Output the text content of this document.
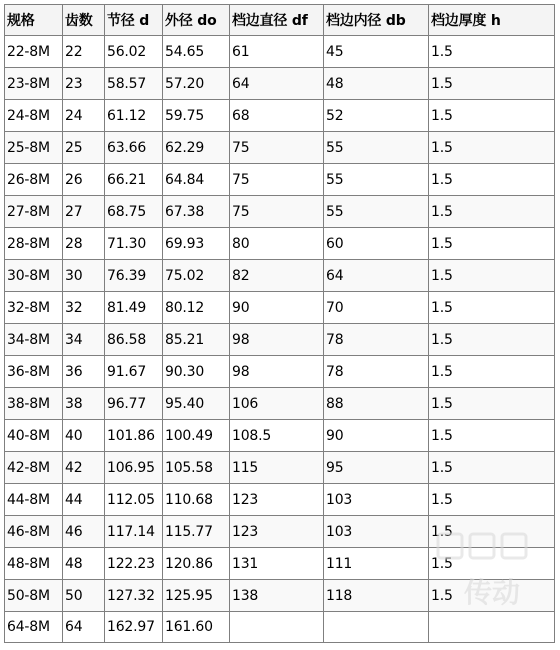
规格	齿数	节径 d	外径 do	档边直径 df	档边内径 db	档边厚度 h
22-8M	22	56.02	54.65	61	45	1.5
23-8M	23	58.57	57.20	64	48	1.5
24-8M	24	61.12	59.75	68	52	1.5
25-8M	25	63.66	62.29	75	55	1.5
26-8M	26	66.21	64.84	75	55	1.5
27-8M	27	68.75	67.38	75	55	1.5
28-8M	28	71.30	69.93	80	60	1.5
30-8M	30	76.39	75.02	82	64	1.5
32-8M	32	81.49	80.12	90	70	1.5
34-8M	34	86.58	85.21	98	78	1.5
36-8M	36	91.67	90.30	98	78	1.5
38-8M	38	96.77	95.40	106	88	1.5
40-8M	40	101.86	100.49	108.5	90	1.5
42-8M	42	106.95	105.58	115	95	1.5
44-8M	44	112.05	110.68	123	103	1.5
46-8M	46	117.14	115.77	123	103	1.5
48-8M	48	122.23	120.86	131	111	1.5
50-8M	50	127.32	125.95	138	118	1.5
64-8M	64	162.97	161.60			
传动
